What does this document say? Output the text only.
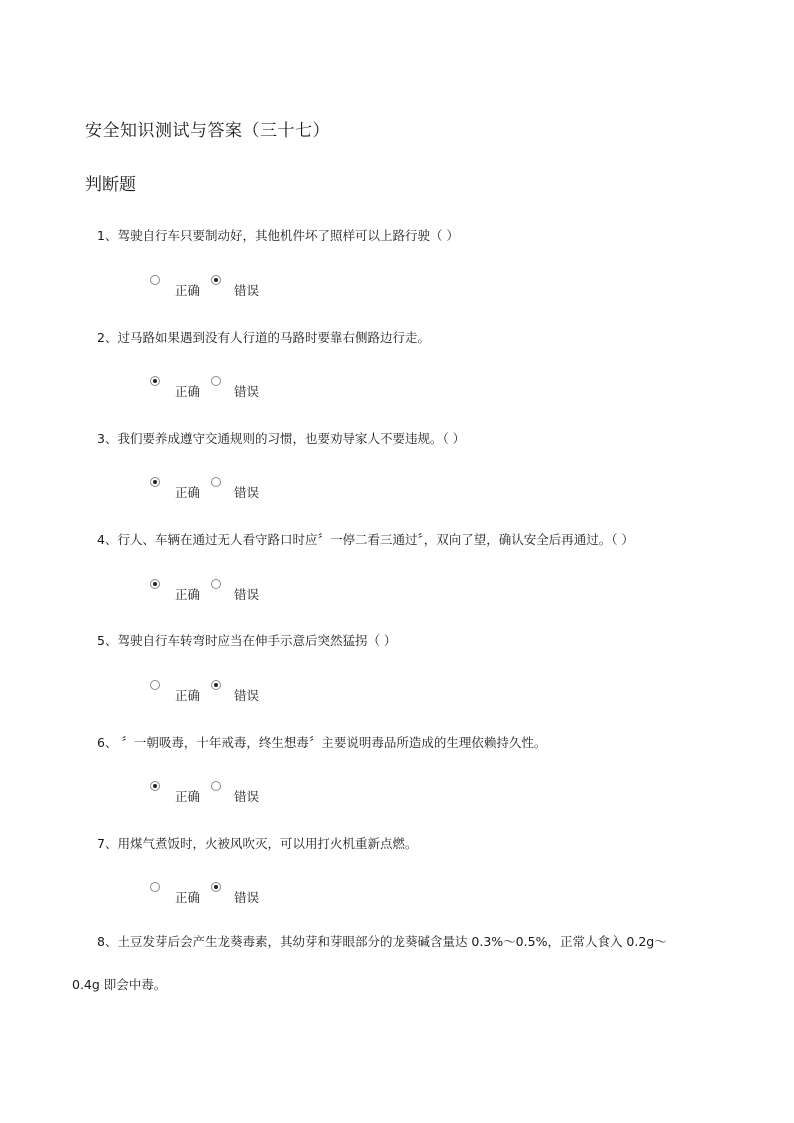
安全知识测试与答案（三十七）
判断题
1、驾驶自行车只要制动好，其他机件坏了照样可以上路行驶（ ）
正确	错误
2、过马路如果遇到没有人行道的马路时要靠右侧路边行走。
正确	错误
3、我们要养成遵守交通规则的习惯，也要劝导家人不要违规。（ ）
正确	错误
4、行人、车辆在通过无人看守路口时应〞一停二看三通过〞，双向了望，确认安全后再通过。（ ）
正确	错误
5、驾驶自行车转弯时应当在伸手示意后突然猛拐（ ）
正确	错误
6、 〞一朝吸毒，十年戒毒，终生想毒〞主要说明毒品所造成的生理依赖持久性。
正确	错误
7、用煤气煮饭时，火被风吹灭，可以用打火机重新点燃。
正确	错误
8、土豆发芽后会产生龙葵毒素，其幼芽和芽眼部分的龙葵碱含量达 0.3%～0.5%，正常人食入 0.2g～
0.4g 即会中毒。
